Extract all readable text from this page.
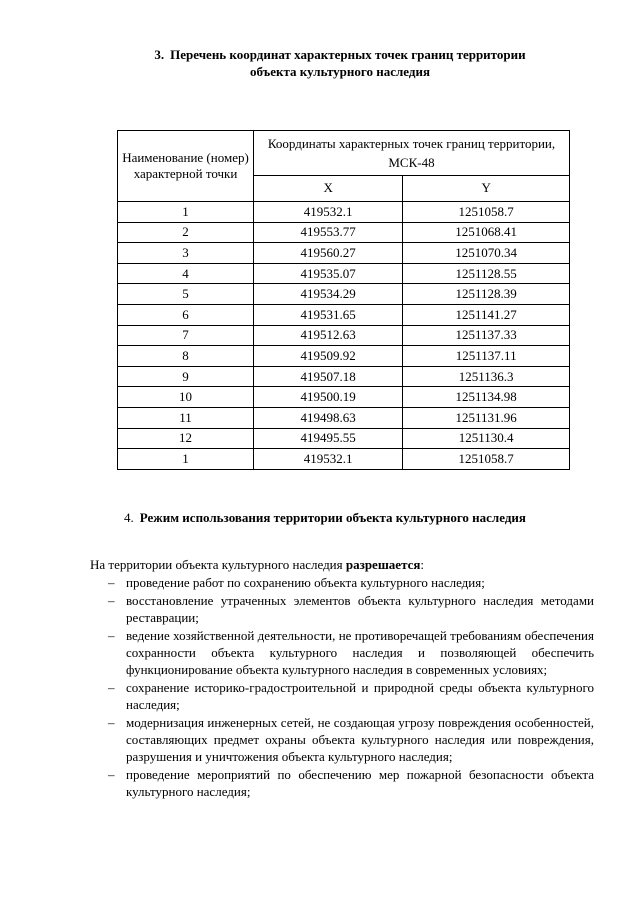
3. Перечень координат характерных точек границ территории
объекта культурного наследия
Наименование (номер) характерной точки	Координаты характерных точек границ территории, МСК-48	
	X	Y
1	419532.1	1251058.7
2	419553.77	1251068.41
3	419560.27	1251070.34
4	419535.07	1251128.55
5	419534.29	1251128.39
6	419531.65	1251141.27
7	419512.63	1251137.33
8	419509.92	1251137.11
9	419507.18	1251136.3
10	419500.19	1251134.98
11	419498.63	1251131.96
12	419495.55	1251130.4
1	419532.1	1251058.7
4. Режим использования территории объекта культурного наследия
На территории объекта культурного наследия разрешается:
– проведение работ по сохранению объекта культурного наследия;
– восстановление утраченных элементов объекта культурного наследия методами реставрации;
– ведение хозяйственной деятельности, не противоречащей требованиям обеспечения сохранности объекта культурного наследия и позволяющей обеспечить функционирование объекта культурного наследия в современных условиях;
– сохранение историко-градостроительной и природной среды объекта культурного наследия;
– модернизация инженерных сетей, не создающая угрозу повреждения особенностей, составляющих предмет охраны объекта культурного наследия или повреждения, разрушения и уничтожения объекта культурного наследия;
– проведение мероприятий по обеспечению мер пожарной безопасности объекта культурного наследия;
